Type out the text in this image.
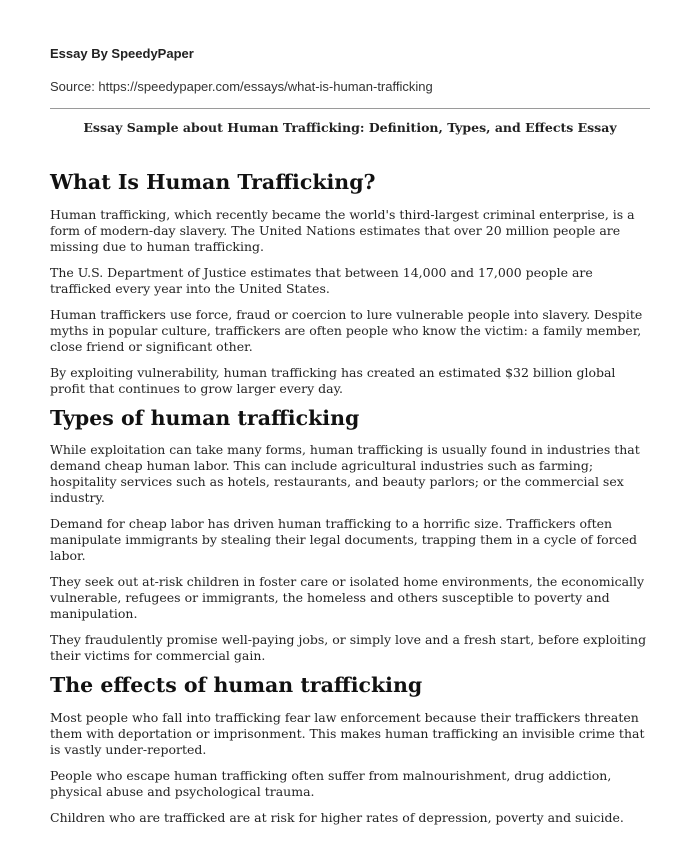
Essay By SpeedyPaper
Source: https://speedypaper.com/essays/what-is-human-trafficking
Essay Sample about Human Trafficking: Definition, Types, and Effects Essay
What Is Human Trafficking?

Human trafficking, which recently became the world's third-largest criminal enterprise, is a form of modern-day slavery. The United Nations estimates that over 20 million people are missing due to human trafficking.

The U.S. Department of Justice estimates that between 14,000 and 17,000 people are trafficked every year into the United States.

Human traffickers use force, fraud or coercion to lure vulnerable people into slavery. Despite myths in popular culture, traffickers are often people who know the victim: a family member, close friend or significant other.

By exploiting vulnerability, human trafficking has created an estimated $32 billion global profit that continues to grow larger every day.

Types of human trafficking

While exploitation can take many forms, human trafficking is usually found in industries that demand cheap human labor. This can include agricultural industries such as farming; hospitality services such as hotels, restaurants, and beauty parlors; or the commercial sex industry.

Demand for cheap labor has driven human trafficking to a horrific size. Traffickers often manipulate immigrants by stealing their legal documents, trapping them in a cycle of forced labor.

They seek out at-risk children in foster care or isolated home environments, the economically vulnerable, refugees or immigrants, the homeless and others susceptible to poverty and manipulation.

They fraudulently promise well-paying jobs, or simply love and a fresh start, before exploiting their victims for commercial gain.

The effects of human trafficking

Most people who fall into trafficking fear law enforcement because their traffickers threaten them with deportation or imprisonment. This makes human trafficking an invisible crime that is vastly under-reported.

People who escape human trafficking often suffer from malnourishment, drug addiction, physical abuse and psychological trauma.

Children who are trafficked are at risk for higher rates of depression, poverty and suicide.
